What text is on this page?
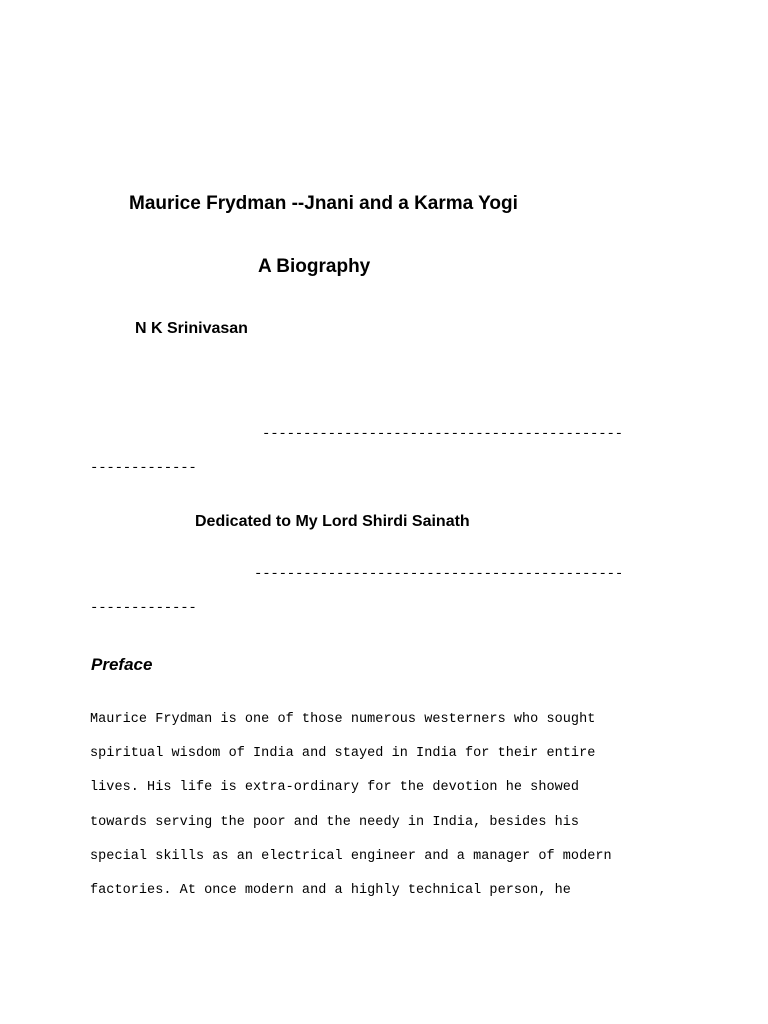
Maurice Frydman --Jnani and a Karma Yogi
A Biography

N K Srinivasan

--------------------------------------------

-------------

Dedicated to My Lord Shirdi Sainath

---------------------------------------------

-------------

Preface

Maurice Frydman is one of those numerous westerners who sought

spiritual wisdom of India and stayed in India for their entire

lives. His life is extra-ordinary for the devotion he showed

towards serving the poor and the needy in India, besides his

special skills as an electrical engineer and a manager of modern

factories. At once modern and a highly technical person, he
